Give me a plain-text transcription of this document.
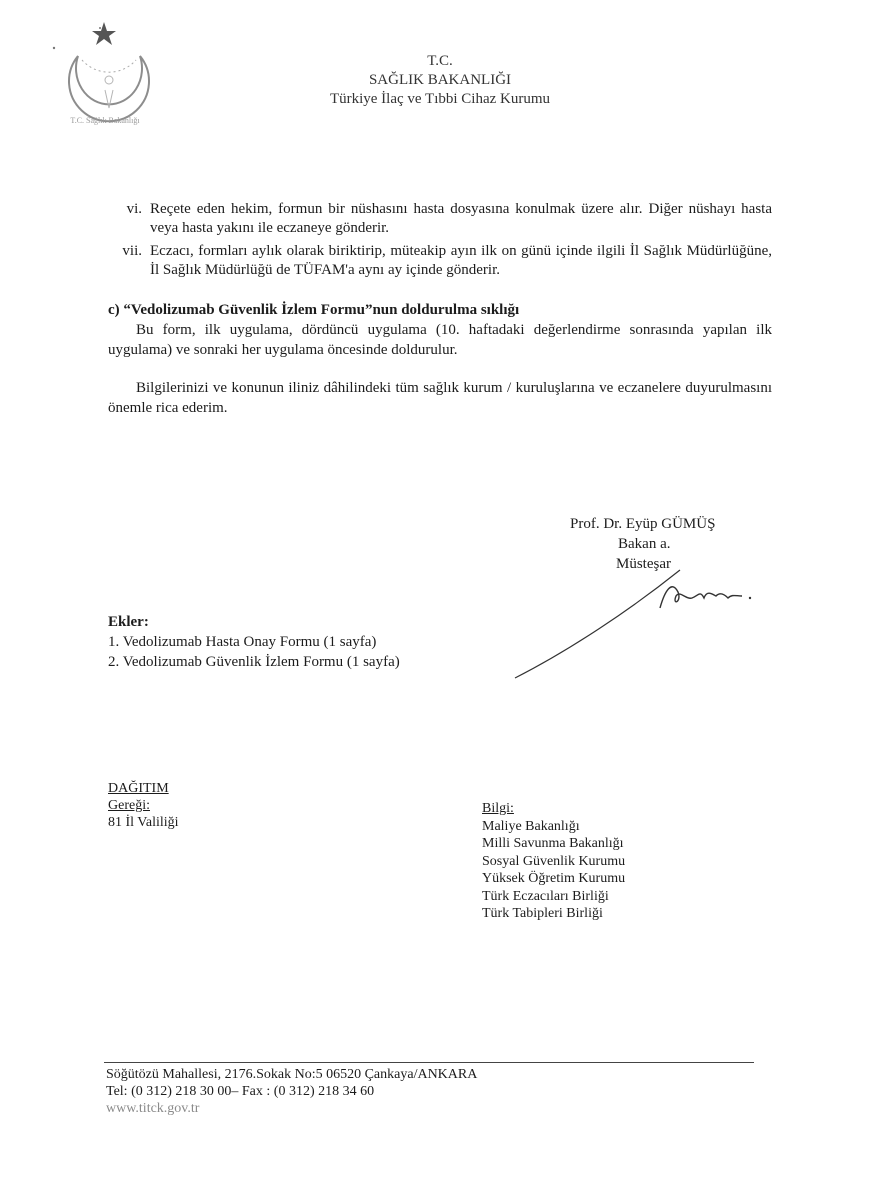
T.C. Sağlık Bakanlığı
T.C.
SAĞLIK BAKANLIĞI
Türkiye İlaç ve Tıbbi Cihaz Kurumu
vi. Reçete eden hekim, formun bir nüshasını hasta dosyasına konulmak üzere alır. Diğer nüshayı hasta veya hasta yakını ile eczaneye gönderir.
vii. Eczacı, formları aylık olarak biriktirip, müteakip ayın ilk on günü içinde ilgili İl Sağlık Müdürlüğüne, İl Sağlık Müdürlüğü de TÜFAM'a aynı ay içinde gönderir.
c) “Vedolizumab Güvenlik İzlem Formu”nun doldurulma sıklığı
Bu form, ilk uygulama, dördüncü uygulama (10. haftadaki değerlendirme sonrasında yapılan ilk uygulama) ve sonraki her uygulama öncesinde doldurulur.
Bilgilerinizi ve konunun iliniz dâhilindeki tüm sağlık kurum / kuruluşlarına ve eczanelere duyurulmasını önemle rica ederim.
Prof. Dr. Eyüp GÜMÜŞ
Bakan a.
Müsteşar
Ekler:
1. Vedolizumab Hasta Onay Formu (1 sayfa)
2. Vedolizumab Güvenlik İzlem Formu (1 sayfa)
DAĞITIM
Gereği:
81 İl Valiliği
Bilgi:
Maliye Bakanlığı
Milli Savunma Bakanlığı
Sosyal Güvenlik Kurumu
Yüksek Öğretim Kurumu
Türk Eczacıları Birliği
Türk Tabipleri Birliği
Söğütözü Mahallesi, 2176.Sokak No:5 06520 Çankaya/ANKARA
Tel: (0 312) 218 30 00– Fax : (0 312) 218 34 60
www.titck.gov.tr
